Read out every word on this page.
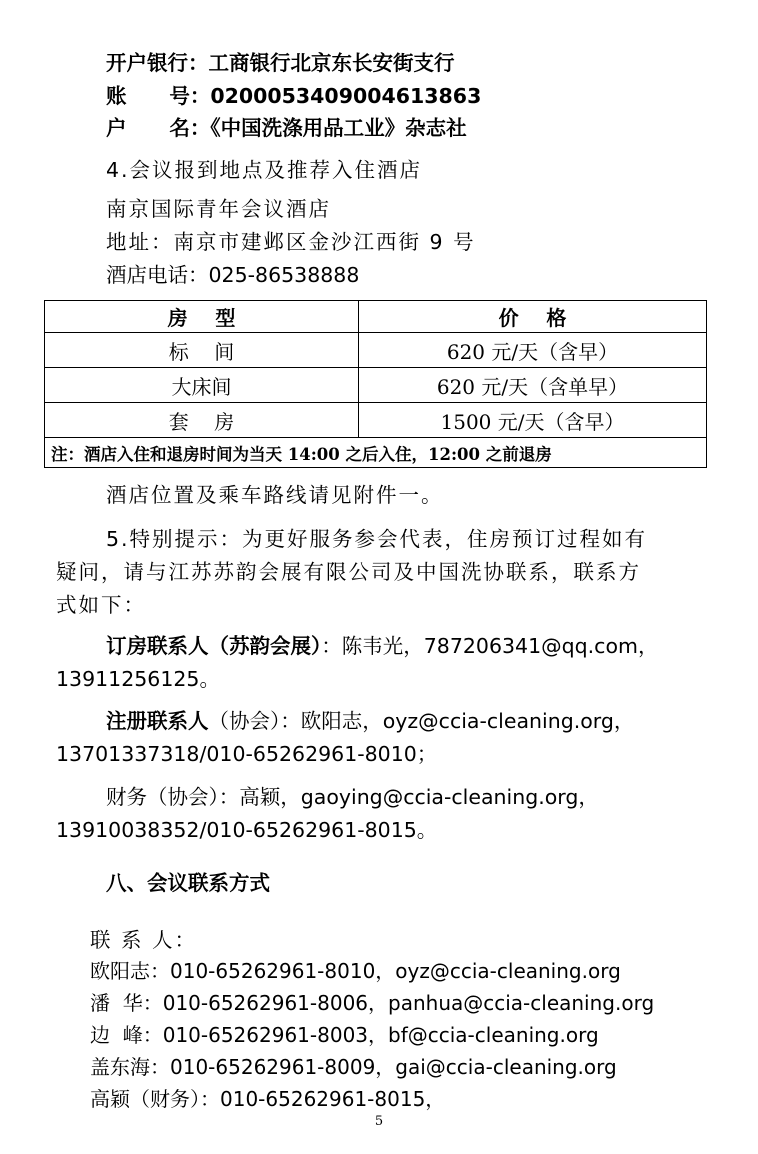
开户银行：工商银行北京东长安街支行
账      号：0200053409004613863
户      名：《中国洗涤用品工业》杂志社
4.会议报到地点及推荐入住酒店
南京国际青年会议酒店
地址：南京市建邺区金沙江西街 9 号
酒店电话：025-86538888
房    型	价    格
标    间	620 元/天（含早）
大床间	620 元/天（含单早）
套    房	1500 元/天（含早）
注：酒店入住和退房时间为当天 14:00 之后入住，12:00 之前退房	
酒店位置及乘车路线请见附件一。
5.特别提示：为更好服务参会代表，住房预订过程如有
疑问，请与江苏苏韵会展有限公司及中国洗协联系，联系方
式如下：
订房联系人（苏韵会展）：陈韦光，787206341@qq.com，
13911256125。
注册联系人（协会）：欧阳志，oyz@ccia-cleaning.org，
13701337318/010-65262961-8010；
财务（协会）：高颖，gaoying@ccia-cleaning.org，
13910038352/010-65262961-8015。
八、会议联系方式
联 系 人：
欧阳志：010-65262961-8010，oyz@ccia-cleaning.org
潘  华：010-65262961-8006，panhua@ccia-cleaning.org
边  峰：010-65262961-8003，bf@ccia-cleaning.org
盖东海：010-65262961-8009，gai@ccia-cleaning.org
高颖（财务）：010-65262961-8015，
5
